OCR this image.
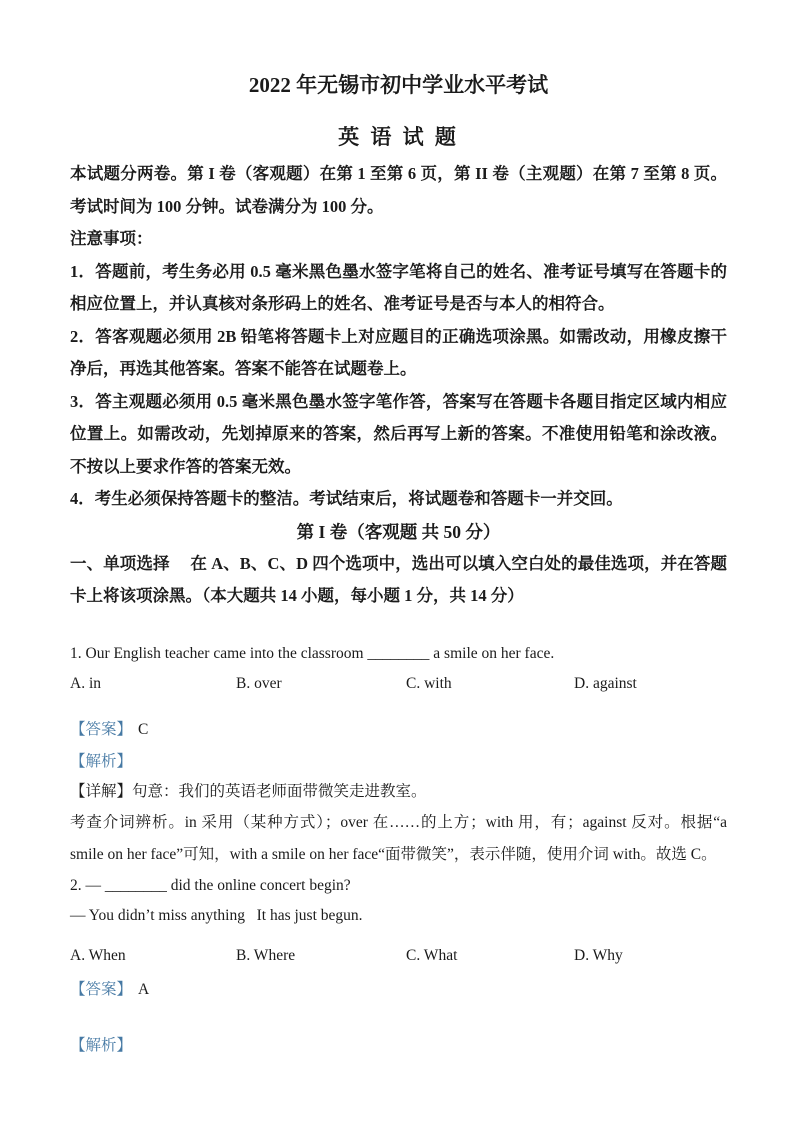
2022 年无锡市初中学业水平考试
英 语 试 题

本试题分两卷。第 I 卷（客观题）在第 1 至第 6 页，第 II 卷（主观题）在第 7 至第 8 页。考试时间为 100 分钟。试卷满分为 100 分。

注意事项：

1．答题前，考生务必用 0.5 毫米黑色墨水签字笔将自己的姓名、准考证号填写在答题卡的相应位置上，并认真核对条形码上的姓名、准考证号是否与本人的相符合。

2．答客观题必须用 2B 铅笔将答题卡上对应题目的正确选项涂黑。如需改动，用橡皮擦干净后，再选其他答案。答案不能答在试题卷上。

3．答主观题必须用 0.5 毫米黑色墨水签字笔作答，答案写在答题卡各题目指定区域内相应位置上。如需改动，先划掉原来的答案，然后再写上新的答案。不准使用铅笔和涂改液。不按以上要求作答的答案无效。

4．考生必须保持答题卡的整洁。考试结束后，将试题卷和答题卡一并交回。

第 I 卷（客观题 共 50 分）

一、单项选择　 在 A、B、C、D 四个选项中，选出可以填入空白处的最佳选项，并在答题卡上将该项涂黑。（本大题共 14 小题，每小题 1 分，共 14 分）

1. Our English teacher came into the classroom ________ a smile on her face.

A. in	B. over	C. with	D. against

【答案】 C

【解析】

【详解】句意：我们的英语老师面带微笑走进教室。

考查介词辨析。in 采用（某种方式）；over 在……的上方；with 用，有；against 反对。根据“a smile on her face”可知，with a smile on her face“面带微笑”，表示伴随，使用介词 with。故选 C。

2. — ________ did the online concert begin?

— You didn’t miss anything   It has just begun.

A. When	B. Where	C. What	D. Why

【答案】 A

【解析】
